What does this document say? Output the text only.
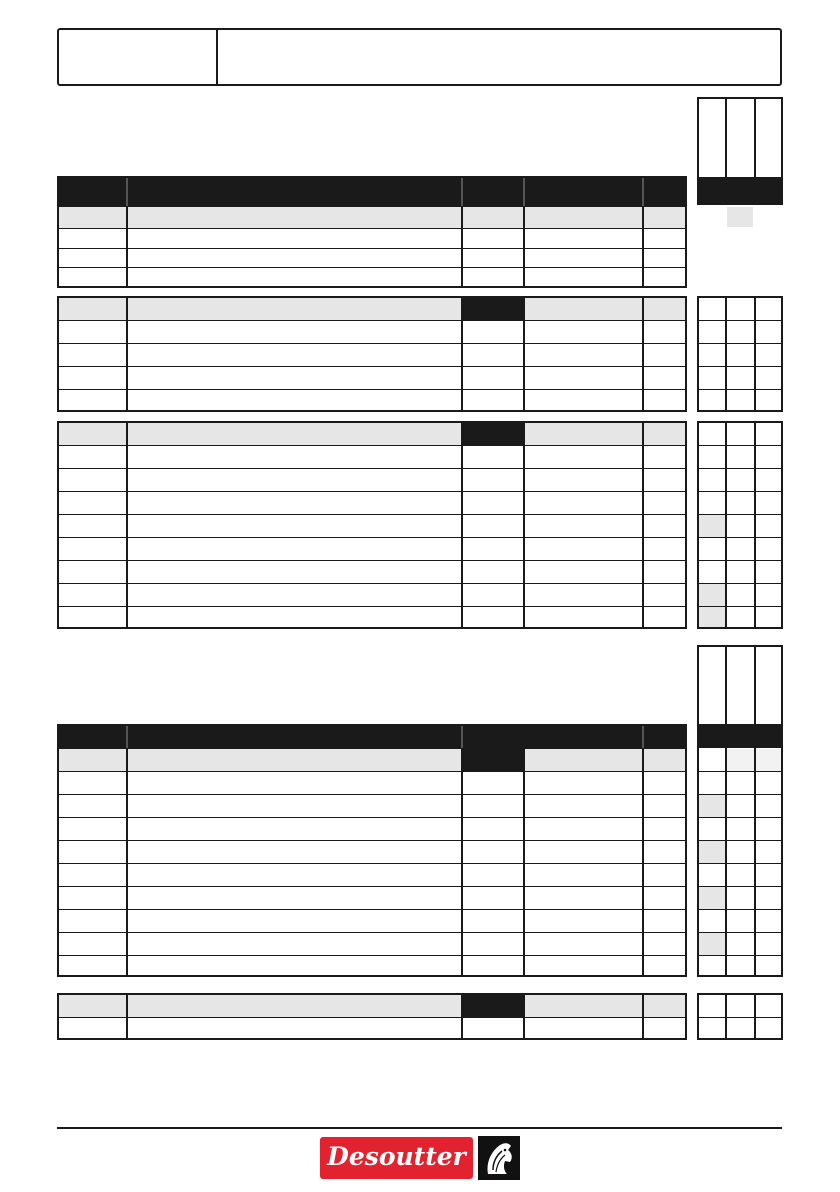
Desoutter
